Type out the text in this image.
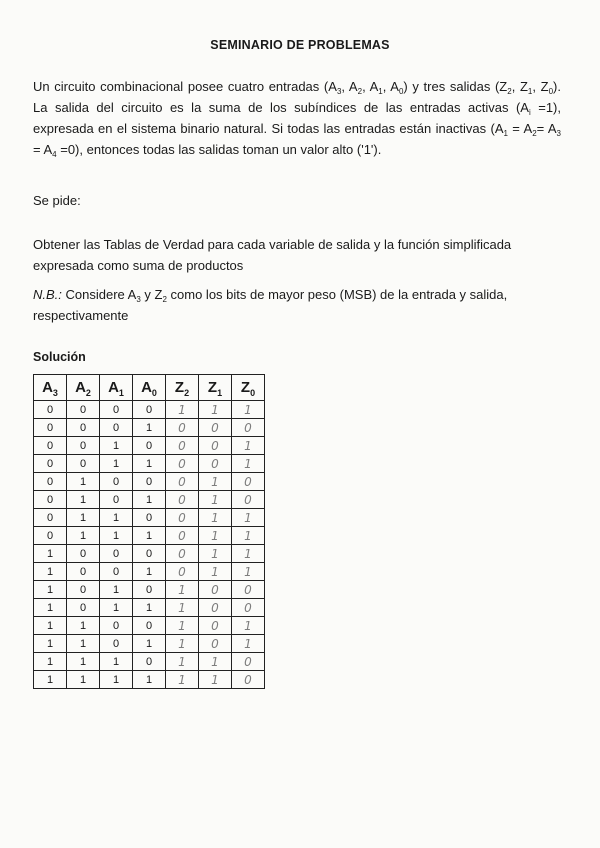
SEMINARIO DE PROBLEMAS
Un circuito combinacional posee cuatro entradas ($A_3$, $A_2$, $A_1$, $A_0$) y tres salidas ($Z_2$, $Z_1$, $Z_0$). La salida del circuito es la suma de los subíndices de las entradas activas $(A_i =1)$, expresada en el sistema binario natural. Si todas las entradas están inactivas $(A_1 = A_2= A_3 = A_4 =0)$, entonces todas las salidas toman un valor alto ('1').
Se pide:
Obtener las Tablas de Verdad para cada variable de salida y la función simplificada expresada como suma de productos
N.B.: Considere $A_3$ y $Z_2$ como los bits de mayor peso (MSB) de la entrada y salida, respectivamente
Solución
$A_3$	$A_2$	$A_1$	$A_0$	$Z_2$	$Z_1$	$Z_0$
0	0	0	0	1	1	1
0	0	0	1	0	0	0
0	0	1	0	0	0	1
0	0	1	1	0	0	1
0	1	0	0	0	1	0
0	1	0	1	0	1	0
0	1	1	0	0	1	1
0	1	1	1	0	1	1
1	0	0	0	0	1	1
1	0	0	1	0	1	1
1	0	1	0	1	0	0
1	0	1	1	1	0	0
1	1	0	0	1	0	1
1	1	0	1	1	0	1
1	1	1	0	1	1	0
1	1	1	1	1	1	0
